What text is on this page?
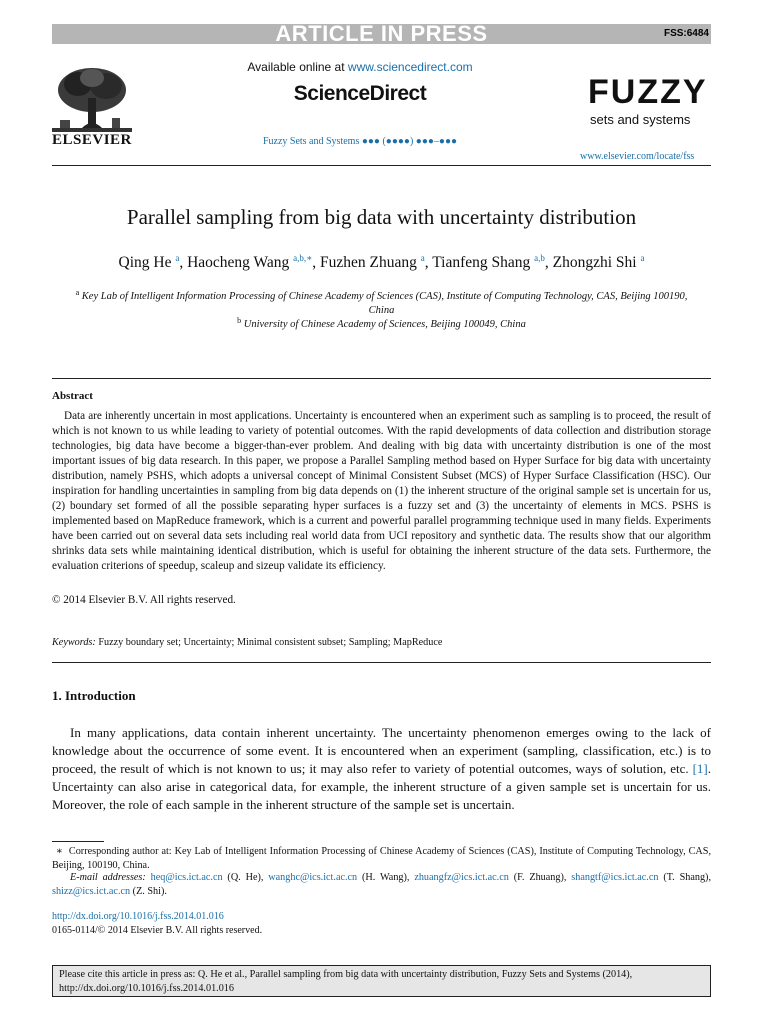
ARTICLE IN PRESS	FSS:6484
ELSEVIER
Available online at www.sciencedirect.com
ScienceDirect
Fuzzy Sets and Systems ●●● (●●●●) ●●●–●●●
FUZZY
sets and systems
www.elsevier.com/locate/fss
Parallel sampling from big data with uncertainty distribution
Qing He $^a$, Haocheng Wang $^{a,b,∗}$, Fuzhen Zhuang $^a$, Tianfeng Shang $^{a,b}$, Zhongzhi Shi $^a$
$^a$ Key Lab of Intelligent Information Processing of Chinese Academy of Sciences (CAS), Institute of Computing Technology, CAS, Beijing 100190,
China
$^b$ University of Chinese Academy of Sciences, Beijing 100049, China
Abstract

Data are inherently uncertain in most applications. Uncertainty is encountered when an experiment such as sampling is to proceed, the result of which is not known to us while leading to variety of potential outcomes. With the rapid developments of data collection and distribution storage technologies, big data have become a bigger-than-ever problem. And dealing with big data with uncertainty distribution is one of the most important issues of big data research. In this paper, we propose a Parallel Sampling method based on Hyper Surface for big data with uncertainty distribution, namely PSHS, which adopts a universal concept of Minimal Consistent Subset (MCS) of Hyper Surface Classification (HSC). Our inspiration for handling uncertainties in sampling from big data depends on (1) the inherent structure of the original sample set is uncertain for us, (2) boundary set formed of all the possible separating hyper surfaces is a fuzzy set and (3) the uncertainty of elements in MCS. PSHS is implemented based on MapReduce framework, which is a current and powerful parallel programming technique used in many fields. Experiments have been carried out on several data sets including real world data from UCI repository and synthetic data. The results show that our algorithm shrinks data sets while maintaining identical distribution, which is useful for obtaining the inherent structure of the data sets. Furthermore, the evaluation criterions of speedup, scaleup and sizeup validate its efficiency.

© 2014 Elsevier B.V. All rights reserved.
Keywords: Fuzzy boundary set; Uncertainty; Minimal consistent subset; Sampling; MapReduce
1. Introduction

In many applications, data contain inherent uncertainty. The uncertainty phenomenon emerges owing to the lack of knowledge about the occurrence of some event. It is encountered when an experiment (sampling, classification, etc.) is to proceed, the result of which is not known to us; it may also refer to variety of potential outcomes, ways of solution, etc. [1]. Uncertainty can also arise in categorical data, for example, the inherent structure of a given sample set is uncertain for us. Moreover, the role of each sample in the inherent structure of the sample set is uncertain.

∗ Corresponding author at: Key Lab of Intelligent Information Processing of Chinese Academy of Sciences (CAS), Institute of Computing Technology, CAS, Beijing, 100190, China.
E-mail addresses: heq@ics.ict.ac.cn (Q. He), wanghc@ics.ict.ac.cn (H. Wang), zhuangfz@ics.ict.ac.cn (F. Zhuang), shangtf@ics.ict.ac.cn (T. Shang), shizz@ics.ict.ac.cn (Z. Shi).
http://dx.doi.org/10.1016/j.fss.2014.01.016
0165-0114/© 2014 Elsevier B.V. All rights reserved.
Please cite this article in press as: Q. He et al., Parallel sampling from big data with uncertainty distribution, Fuzzy Sets and Systems (2014),
http://dx.doi.org/10.1016/j.fss.2014.01.016
